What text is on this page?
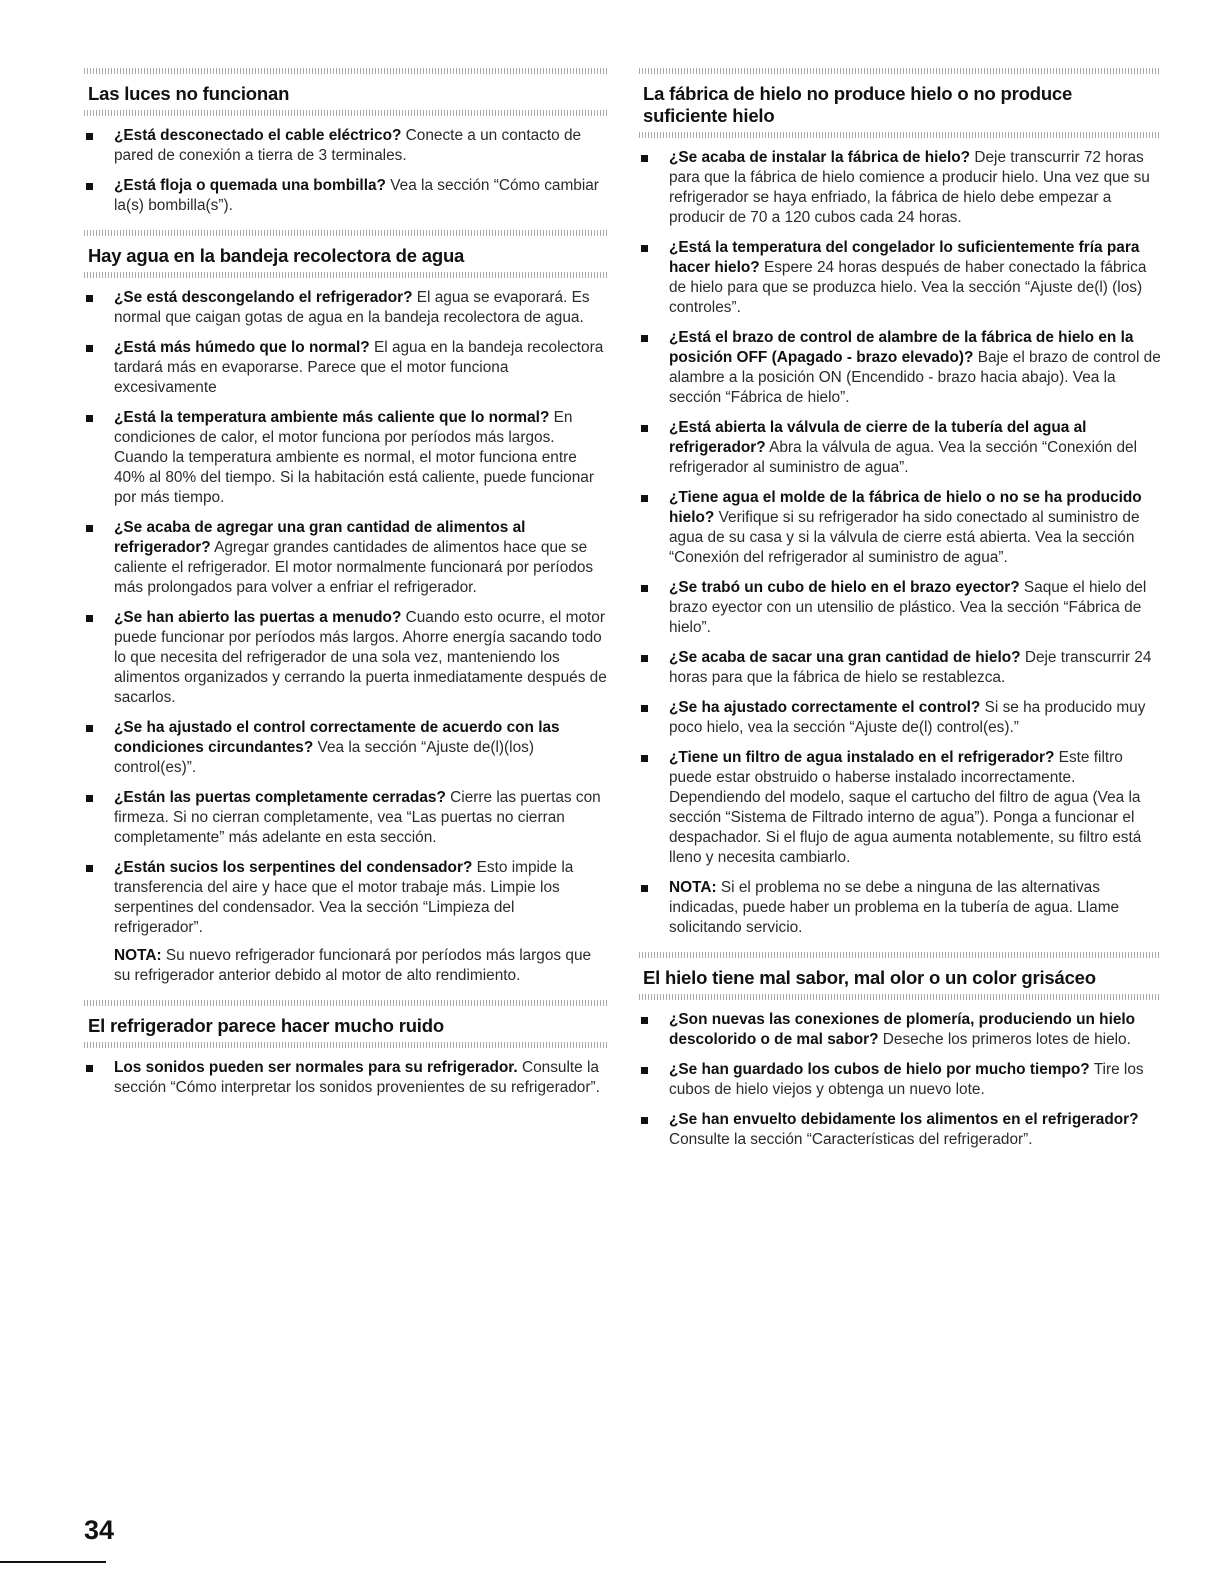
Las luces no funcionan
¿Está desconectado el cable eléctrico? Conecte a un contacto de pared de conexión a tierra de 3 terminales.
¿Está floja o quemada una bombilla? Vea la sección “Cómo cambiar la(s) bombilla(s”).
Hay agua en la bandeja recolectora de agua
¿Se está descongelando el refrigerador? El agua se evaporará. Es normal que caigan gotas de agua en la bandeja recolectora de agua.
¿Está más húmedo que lo normal? El agua en la bandeja recolectora tardará más en evaporarse. Parece que el motor funciona excesivamente
¿Está la temperatura ambiente más caliente que lo normal? En condiciones de calor, el motor funciona por períodos más largos. Cuando la temperatura ambiente es normal, el motor funciona entre 40% al 80% del tiempo. Si la habitación está caliente, puede funcionar por más tiempo.
¿Se acaba de agregar una gran cantidad de alimentos al refrigerador? Agregar grandes cantidades de alimentos hace que se caliente el refrigerador. El motor normalmente funcionará por períodos más prolongados para volver a enfriar el refrigerador.
¿Se han abierto las puertas a menudo? Cuando esto ocurre, el motor puede funcionar por períodos más largos. Ahorre energía sacando todo lo que necesita del refrigerador de una sola vez, manteniendo los alimentos organizados y cerrando la puerta inmediatamente después de sacarlos.
¿Se ha ajustado el control correctamente de acuerdo con las condiciones circundantes? Vea la sección “Ajuste de(l)(los) control(es)”.
¿Están las puertas completamente cerradas? Cierre las puertas con firmeza. Si no cierran completamente, vea “Las puertas no cierran completamente” más adelante en esta sección.
¿Están sucios los serpentines del condensador? Esto impide la transferencia del aire y hace que el motor trabaje más. Limpie los serpentines del condensador. Vea la sección “Limpieza del refrigerador”.

NOTA: Su nuevo refrigerador funcionará por períodos más largos que su refrigerador anterior debido al motor de alto rendimiento.

El refrigerador parece hacer mucho ruido
Los sonidos pueden ser normales para su refrigerador. Consulte la sección “Cómo interpretar los sonidos provenientes de su refrigerador”.
La fábrica de hielo no produce hielo o no produce suficiente hielo
¿Se acaba de instalar la fábrica de hielo? Deje transcurrir 72 horas para que la fábrica de hielo comience a producir hielo. Una vez que su refrigerador se haya enfriado, la fábrica de hielo debe empezar a producir de 70 a 120 cubos cada 24 horas.
¿Está la temperatura del congelador lo suficientemente fría para hacer hielo? Espere 24 horas después de haber conectado la fábrica de hielo para que se produzca hielo. Vea la sección “Ajuste de(l) (los) controles”.
¿Está el brazo de control de alambre de la fábrica de hielo en la posición OFF (Apagado - brazo elevado)? Baje el brazo de control de alambre a la posición ON (Encendido - brazo hacia abajo). Vea la sección “Fábrica de hielo”.
¿Está abierta la válvula de cierre de la tubería del agua al refrigerador? Abra la válvula de agua. Vea la sección “Conexión del refrigerador al suministro de agua”.
¿Tiene agua el molde de la fábrica de hielo o no se ha producido hielo? Verifique si su refrigerador ha sido conectado al suministro de agua de su casa y si la válvula de cierre está abierta. Vea la sección “Conexión del refrigerador al suministro de agua”.
¿Se trabó un cubo de hielo en el brazo eyector? Saque el hielo del brazo eyector con un utensilio de plástico. Vea la sección “Fábrica de hielo”.
¿Se acaba de sacar una gran cantidad de hielo? Deje transcurrir 24 horas para que la fábrica de hielo se restablezca.
¿Se ha ajustado correctamente el control? Si se ha producido muy poco hielo, vea la sección “Ajuste de(l) control(es).”
¿Tiene un filtro de agua instalado en el refrigerador? Este filtro puede estar obstruido o haberse instalado incorrectamente. Dependiendo del modelo, saque el cartucho del filtro de agua (Vea la sección “Sistema de Filtrado interno de agua”). Ponga a funcionar el despachador. Si el flujo de agua aumenta notablemente, su filtro está lleno y necesita cambiarlo.
NOTA: Si el problema no se debe a ninguna de las alternativas indicadas, puede haber un problema en la tubería de agua. Llame solicitando servicio.
El hielo tiene mal sabor, mal olor o un color grisáceo
¿Son nuevas las conexiones de plomería, produciendo un hielo descolorido o de mal sabor? Deseche los primeros lotes de hielo.
¿Se han guardado los cubos de hielo por mucho tiempo? Tire los cubos de hielo viejos y obtenga un nuevo lote.
¿Se han envuelto debidamente los alimentos en el refrigerador? Consulte la sección “Características del refrigerador”.
34
